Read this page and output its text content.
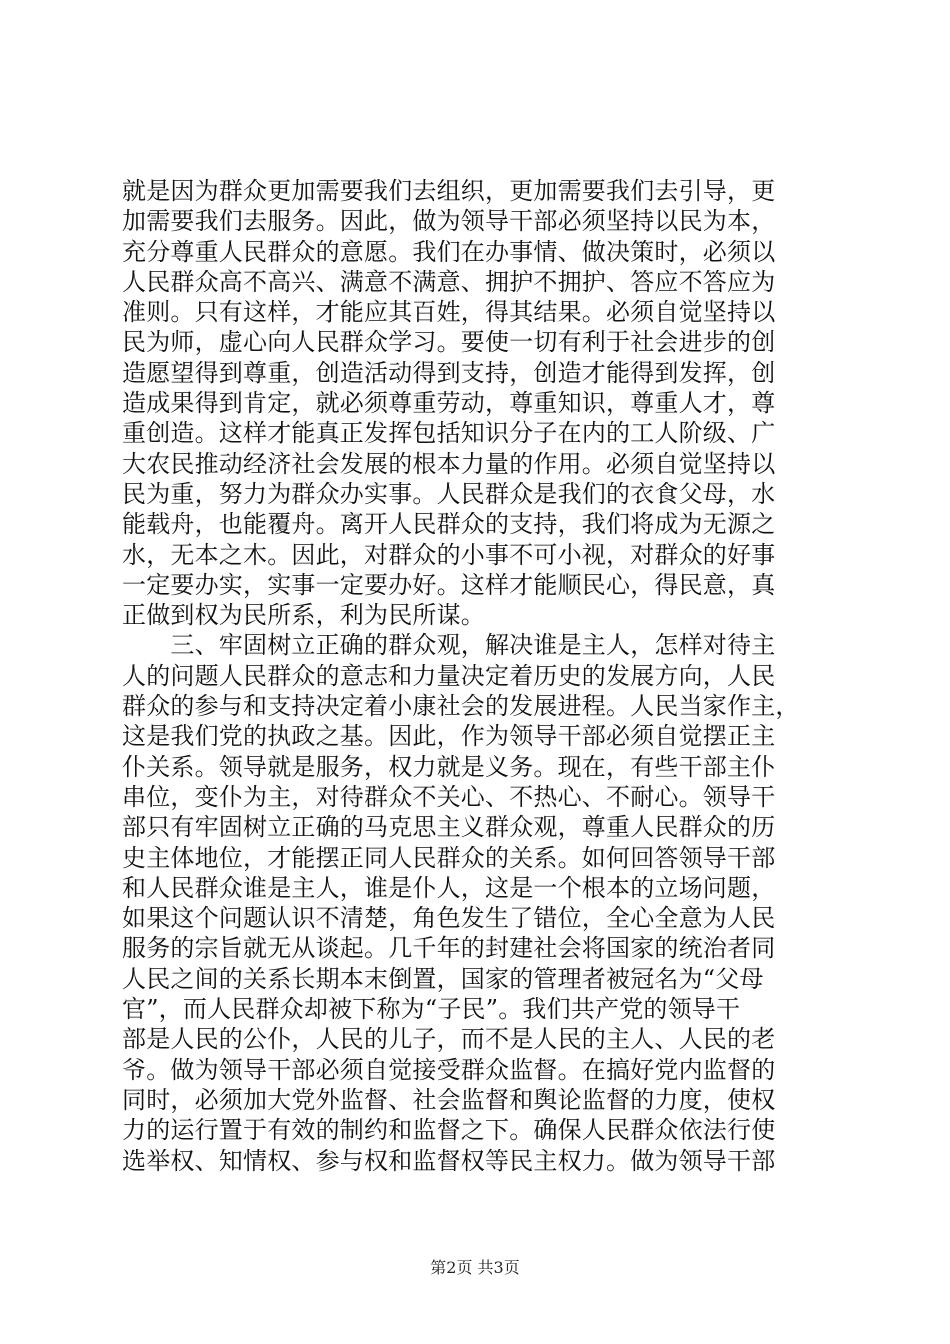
就是因为群众更加需要我们去组织，更加需要我们去引导，更
加需要我们去服务。因此，做为领导干部必须坚持以民为本，
充分尊重人民群众的意愿。我们在办事情、做决策时，必须以
人民群众高不高兴、满意不满意、拥护不拥护、答应不答应为
准则。只有这样，才能应其百姓，得其结果。必须自觉坚持以
民为师，虚心向人民群众学习。要使一切有利于社会进步的创
造愿望得到尊重，创造活动得到支持，创造才能得到发挥，创
造成果得到肯定，就必须尊重劳动，尊重知识，尊重人才，尊
重创造。这样才能真正发挥包括知识分子在内的工人阶级、广
大农民推动经济社会发展的根本力量的作用。必须自觉坚持以
民为重，努力为群众办实事。人民群众是我们的衣食父母，水
能载舟，也能覆舟。离开人民群众的支持，我们将成为无源之
水，无本之木。因此，对群众的小事不可小视，对群众的好事
一定要办实，实事一定要办好。这样才能顺民心，得民意，真
正做到权为民所系，利为民所谋。
　　三、牢固树立正确的群众观，解决谁是主人，怎样对待主
人的问题人民群众的意志和力量决定着历史的发展方向，人民
群众的参与和支持决定着小康社会的发展进程。人民当家作主，
这是我们党的执政之基。因此，作为领导干部必须自觉摆正主
仆关系。领导就是服务，权力就是义务。现在，有些干部主仆
串位，变仆为主，对待群众不关心、不热心、不耐心。领导干
部只有牢固树立正确的马克思主义群众观，尊重人民群众的历
史主体地位，才能摆正同人民群众的关系。如何回答领导干部
和人民群众谁是主人，谁是仆人，这是一个根本的立场问题，
如果这个问题认识不清楚，角色发生了错位，全心全意为人民
服务的宗旨就无从谈起。几千年的封建社会将国家的统治者同
人民之间的关系长期本末倒置，国家的管理者被冠名为“父母
官”，而人民群众却被下称为“子民”。我们共产党的领导干
部是人民的公仆，人民的儿子，而不是人民的主人、人民的老
爷。做为领导干部必须自觉接受群众监督。在搞好党内监督的
同时，必须加大党外监督、社会监督和舆论监督的力度，使权
力的运行置于有效的制约和监督之下。确保人民群众依法行使
选举权、知情权、参与权和监督权等民主权力。做为领导干部
第2页 共3页
